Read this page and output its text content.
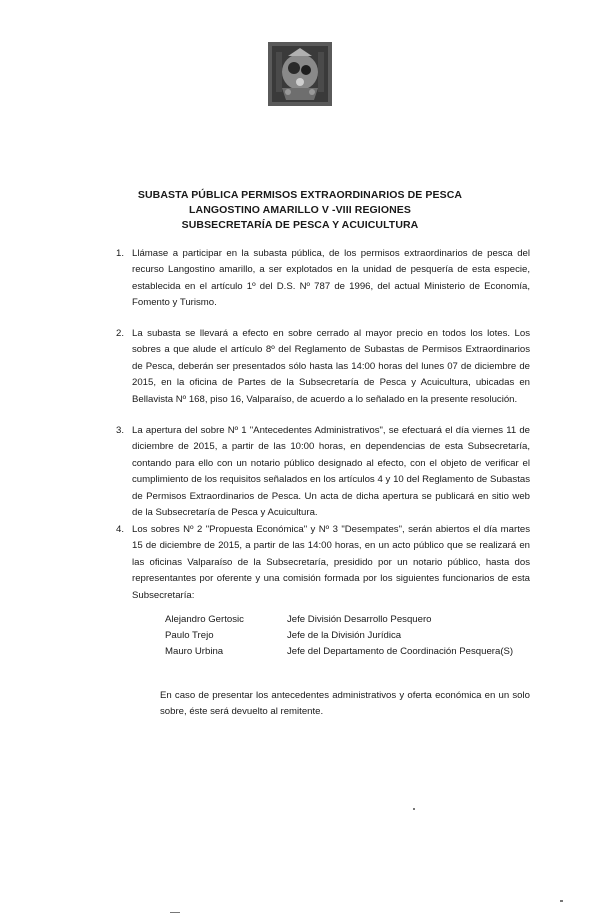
SUBASTA PÚBLICA PERMISOS EXTRAORDINARIOS DE PESCA
LANGOSTINO AMARILLO V -VIII REGIONES
SUBSECRETARÍA DE PESCA Y ACUICULTURA
1. Llámase a participar en la subasta pública, de los permisos extraordinarios de pesca del recurso Langostino amarillo, a ser explotados en la unidad de pesquería de esta especie, establecida en el artículo 1º del D.S. Nº 787 de 1996, del actual Ministerio de Economía, Fomento y Turismo.
2. La subasta se llevará a efecto en sobre cerrado al mayor precio en todos los lotes. Los sobres a que alude el artículo 8º del Reglamento de Subastas de Permisos Extraordinarios de Pesca, deberán ser presentados sólo hasta las 14:00 horas del lunes 07 de diciembre de 2015, en la oficina de Partes de la Subsecretaría de Pesca y Acuicultura, ubicadas en Bellavista Nº 168, piso 16, Valparaíso, de acuerdo a lo señalado en la presente resolución.
3. La apertura del sobre Nº 1 "Antecedentes Administrativos", se efectuará el día viernes 11 de diciembre de 2015, a partir de las 10:00 horas, en dependencias de esta Subsecretaría, contando para ello con un notario público designado al efecto, con el objeto de verificar el cumplimiento de los requisitos señalados en los artículos 4 y 10 del Reglamento de Subastas de Permisos Extraordinarios de Pesca. Un acta de dicha apertura se publicará en sitio web de la Subsecretaría de Pesca y Acuicultura.
4. Los sobres Nº 2 "Propuesta Económica" y Nº 3 "Desempates", serán abiertos el día martes 15 de diciembre de 2015, a partir de las 14:00 horas, en un acto público que se realizará en las oficinas Valparaíso de la Subsecretaría, presidido por un notario público, hasta dos representantes por oferente y una comisión formada por los siguientes funcionarios de esta Subsecretaría:
Alejandro Gertosic	Jefe División Desarrollo Pesquero
Paulo Trejo	Jefe de la División Jurídica
Mauro Urbina	Jefe del Departamento de Coordinación Pesquera(S)
En caso de presentar los antecedentes administrativos y oferta económica en un solo sobre, éste será devuelto al remitente.
